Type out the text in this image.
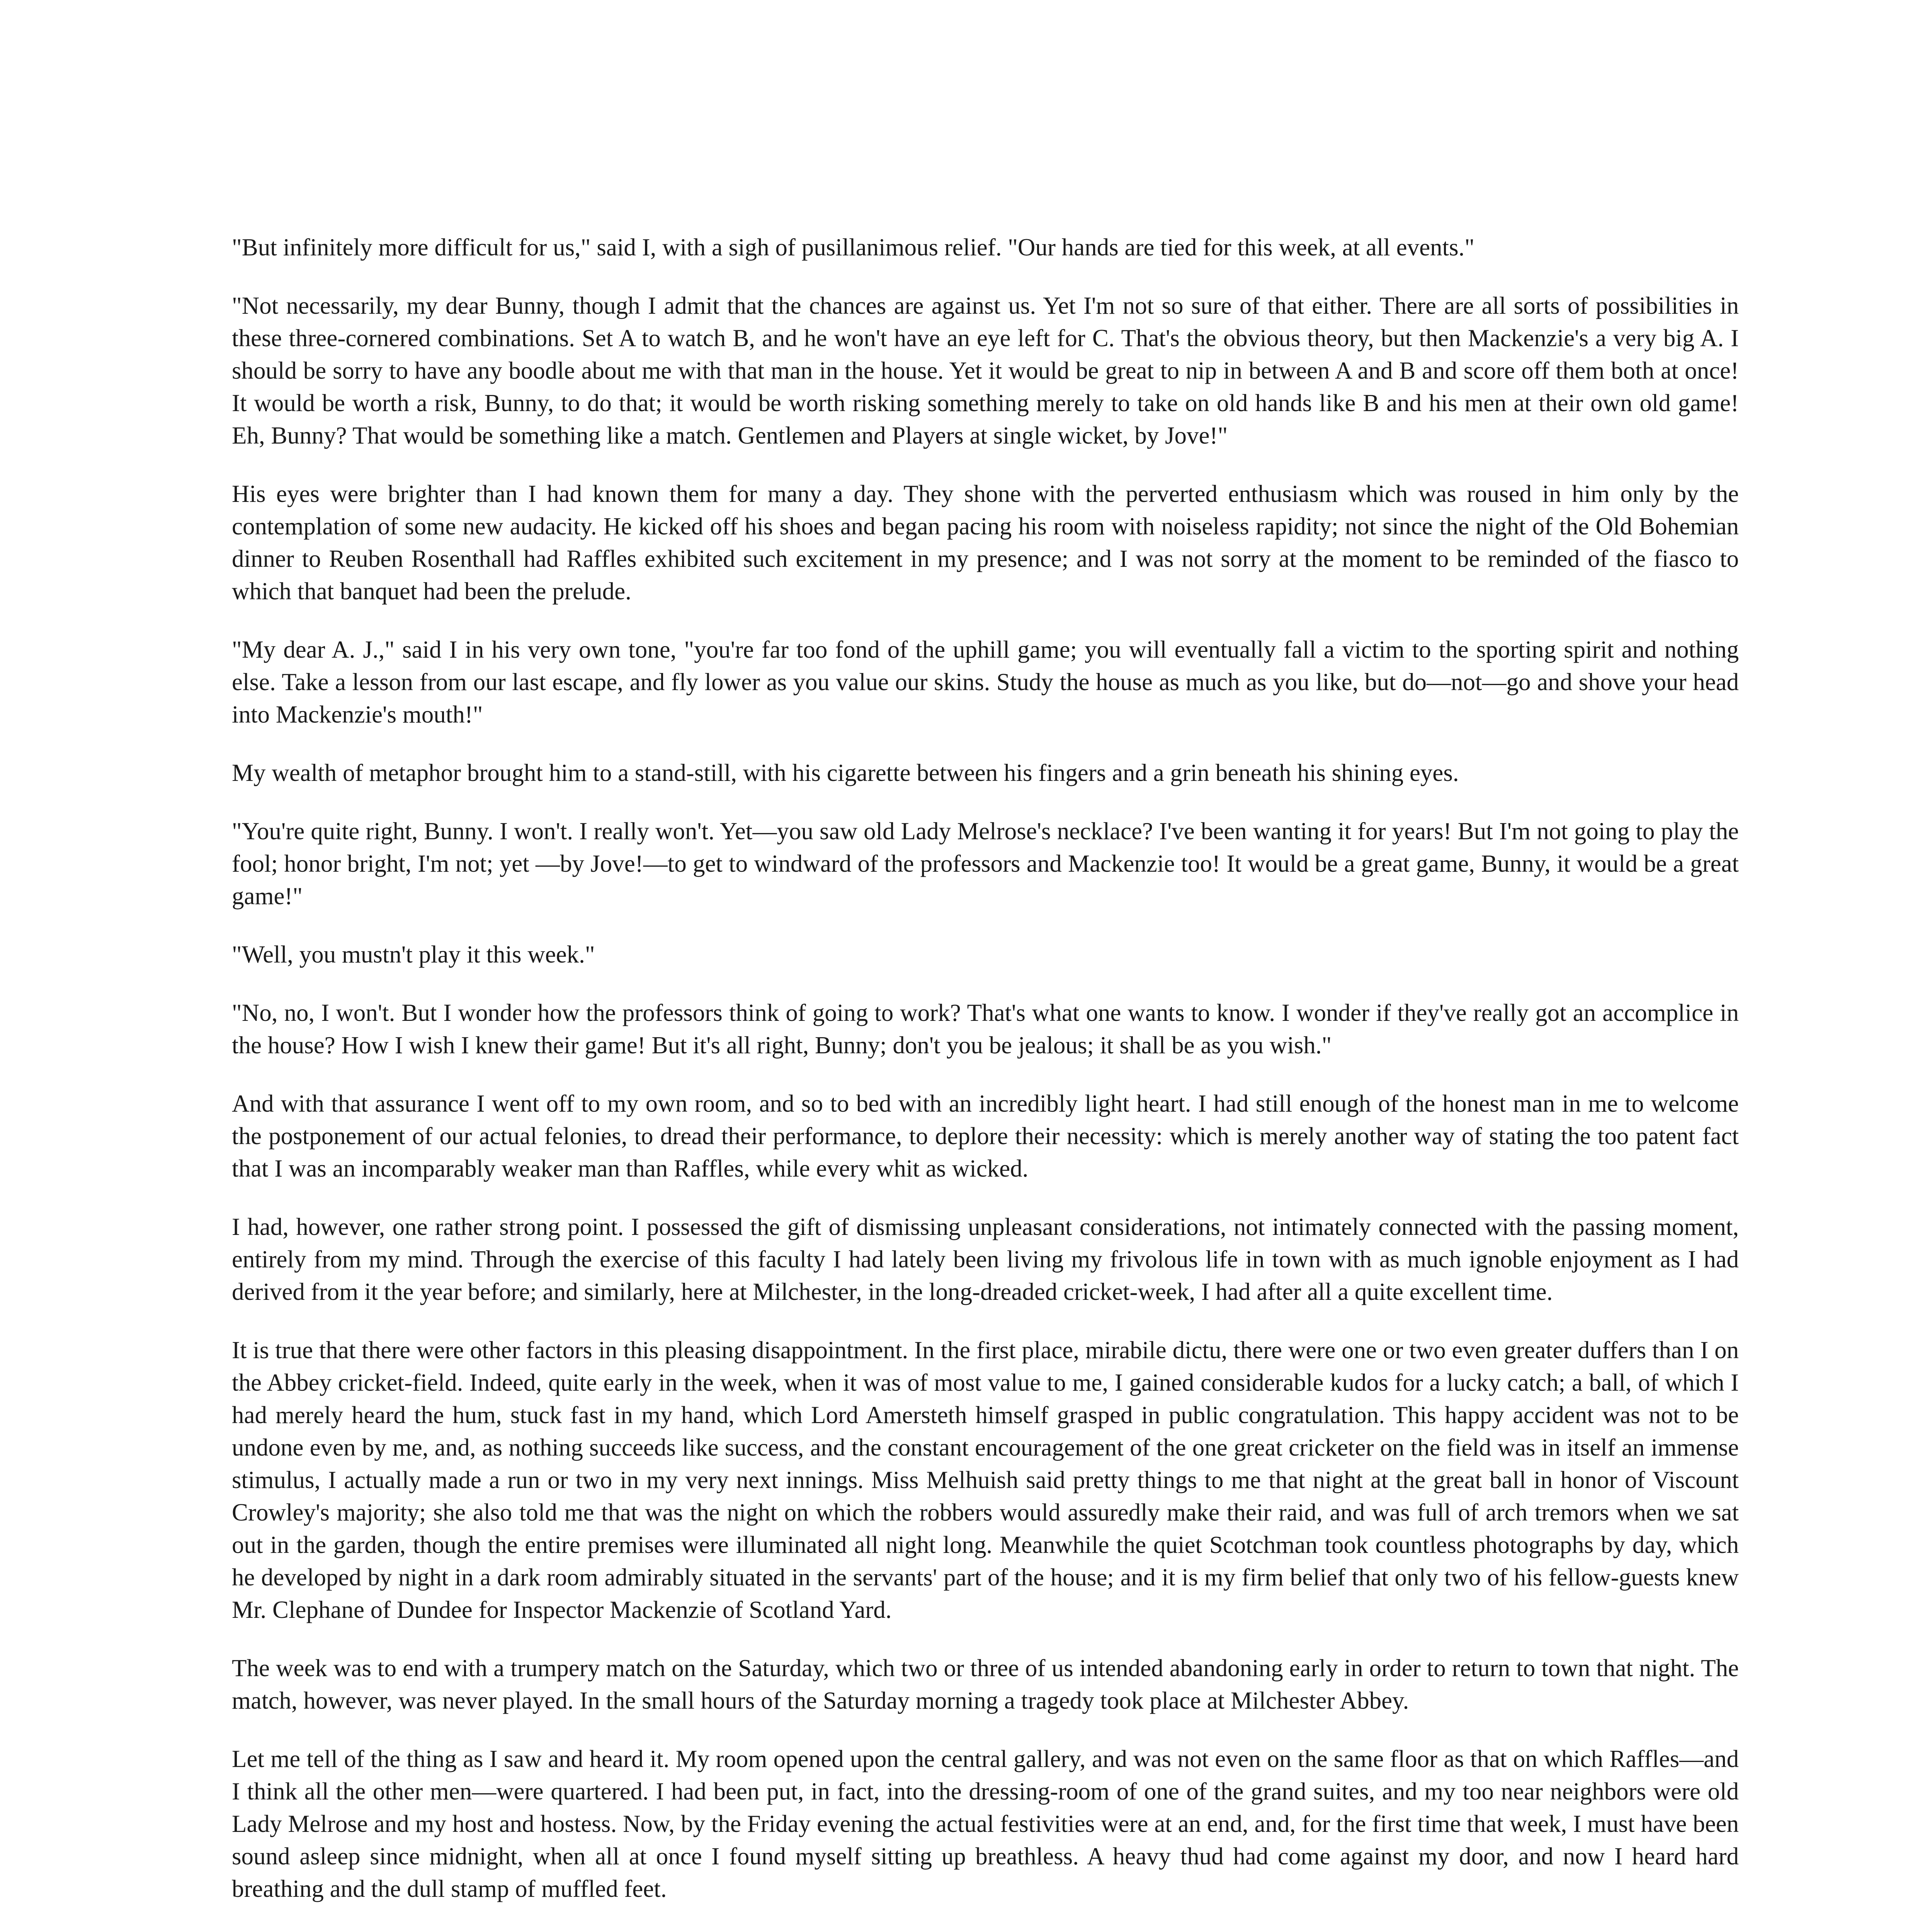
"But infinitely more difficult for us," said I, with a sigh of pusillanimous relief. "Our hands are tied for this week, at all events."

"Not necessarily, my dear Bunny, though I admit that the chances are against us. Yet I'm not so sure of that either. There are all sorts of possibilities in these three-cornered combinations. Set A to watch B, and he won't have an eye left for C. That's the obvious theory, but then Mackenzie's a very big A. I should be sorry to have any boodle about me with that man in the house. Yet it would be great to nip in between A and B and score off them both at once! It would be worth a risk, Bunny, to do that; it would be worth risking something merely to take on old hands like B and his men at their own old game! Eh, Bunny? That would be something like a match. Gentlemen and Players at single wicket, by Jove!"

His eyes were brighter than I had known them for many a day. They shone with the perverted enthusiasm which was roused in him only by the contemplation of some new audacity. He kicked off his shoes and began pacing his room with noiseless rapidity; not since the night of the Old Bohemian dinner to Reuben Rosenthall had Raffles exhibited such excitement in my presence; and I was not sorry at the moment to be reminded of the fiasco to which that banquet had been the prelude.

"My dear A. J.," said I in his very own tone, "you're far too fond of the uphill game; you will eventually fall a victim to the sporting spirit and nothing else. Take a lesson from our last escape, and fly lower as you value our skins. Study the house as much as you like, but do—not—go and shove your head into Mackenzie's mouth!"

My wealth of metaphor brought him to a stand-still, with his cigarette between his fingers and a grin beneath his shining eyes.

"You're quite right, Bunny. I won't. I really won't. Yet—you saw old Lady Melrose's necklace? I've been wanting it for years! But I'm not going to play the fool; honor bright, I'm not; yet —by Jove!—to get to windward of the professors and Mackenzie too! It would be a great game, Bunny, it would be a great game!"

"Well, you mustn't play it this week."

"No, no, I won't. But I wonder how the professors think of going to work? That's what one wants to know. I wonder if they've really got an accomplice in the house? How I wish I knew their game! But it's all right, Bunny; don't you be jealous; it shall be as you wish."

And with that assurance I went off to my own room, and so to bed with an incredibly light heart. I had still enough of the honest man in me to welcome the postponement of our actual felonies, to dread their performance, to deplore their necessity: which is merely another way of stating the too patent fact that I was an incomparably weaker man than Raffles, while every whit as wicked.

I had, however, one rather strong point. I possessed the gift of dismissing unpleasant considerations, not intimately connected with the passing moment, entirely from my mind. Through the exercise of this faculty I had lately been living my frivolous life in town with as much ignoble enjoyment as I had derived from it the year before; and similarly, here at Milchester, in the long-dreaded cricket-week, I had after all a quite excellent time.

It is true that there were other factors in this pleasing disappointment. In the first place, mirabile dictu, there were one or two even greater duffers than I on the Abbey cricket-field. Indeed, quite early in the week, when it was of most value to me, I gained considerable kudos for a lucky catch; a ball, of which I had merely heard the hum, stuck fast in my hand, which Lord Amersteth himself grasped in public congratulation. This happy accident was not to be undone even by me, and, as nothing succeeds like success, and the constant encouragement of the one great cricketer on the field was in itself an immense stimulus, I actually made a run or two in my very next innings. Miss Melhuish said pretty things to me that night at the great ball in honor of Viscount Crowley's majority; she also told me that was the night on which the robbers would assuredly make their raid, and was full of arch tremors when we sat out in the garden, though the entire premises were illuminated all night long. Meanwhile the quiet Scotchman took countless photographs by day, which he developed by night in a dark room admirably situated in the servants' part of the house; and it is my firm belief that only two of his fellow-guests knew Mr. Clephane of Dundee for Inspector Mackenzie of Scotland Yard.

The week was to end with a trumpery match on the Saturday, which two or three of us intended abandoning early in order to return to town that night. The match, however, was never played. In the small hours of the Saturday morning a tragedy took place at Milchester Abbey.

Let me tell of the thing as I saw and heard it. My room opened upon the central gallery, and was not even on the same floor as that on which Raffles—and I think all the other men—were quartered. I had been put, in fact, into the dressing-room of one of the grand suites, and my too near neighbors were old Lady Melrose and my host and hostess. Now, by the Friday evening the actual festivities were at an end, and, for the first time that week, I must have been sound asleep since midnight, when all at once I found myself sitting up breathless. A heavy thud had come against my door, and now I heard hard breathing and the dull stamp of muffled feet.
